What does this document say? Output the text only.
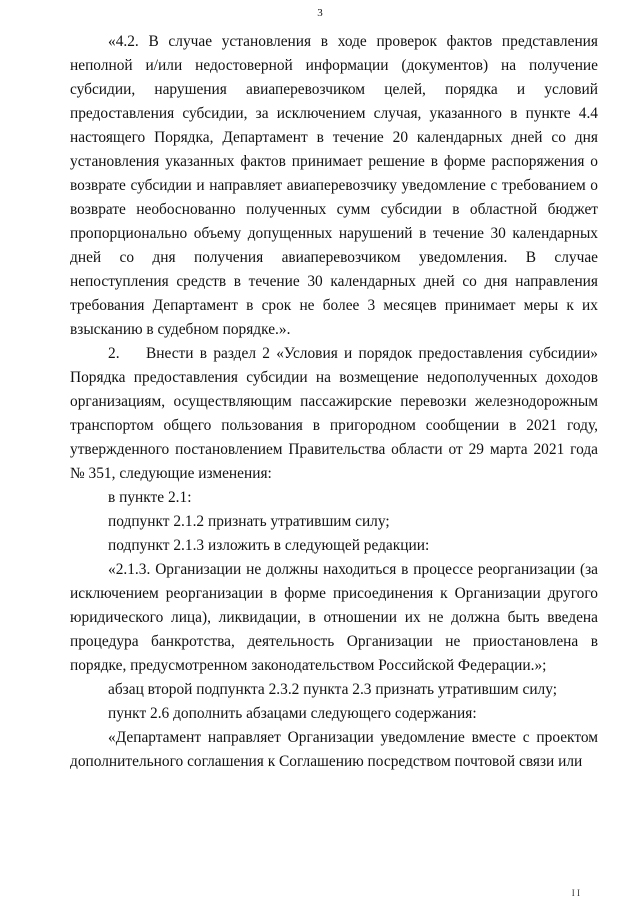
3

«4.2. В случае установления в ходе проверок фактов представления неполной и/или недостоверной информации (документов) на получение субсидии, нарушения авиаперевозчиком целей, порядка и условий предоставления субсидии, за исключением случая, указанного в пункте 4.4 настоящего Порядка, Департамент в течение 20 календарных дней со дня установления указанных фактов принимает решение в форме распоряжения о возврате субсидии и направляет авиаперевозчику уведомление с требованием о возврате необоснованно полученных сумм субсидии в областной бюджет пропорционально объему допущенных нарушений в течение 30 календарных дней со дня получения авиаперевозчиком уведомления. В случае непоступления средств в течение 30 календарных дней со дня направления требования Департамент в срок не более 3 месяцев принимает меры к их взысканию в судебном порядке.».

2. Внести в раздел 2 «Условия и порядок предоставления субсидии» Порядка предоставления субсидии на возмещение недополученных доходов организациям, осуществляющим пассажирские перевозки железнодорожным транспортом общего пользования в пригородном сообщении в 2021 году, утвержденного постановлением Правительства области от 29 марта 2021 года № 351, следующие изменения:

в пункте 2.1:

подпункт 2.1.2 признать утратившим силу;

подпункт 2.1.3 изложить в следующей редакции:

«2.1.3. Организации не должны находиться в процессе реорганизации (за исключением реорганизации в форме присоединения к Организации другого юридического лица), ликвидации, в отношении их не должна быть введена процедура банкротства, деятельность Организации не приостановлена в порядке, предусмотренном законодательством Российской Федерации.»;

абзац второй подпункта 2.3.2 пункта 2.3 признать утратившим силу;

пункт 2.6 дополнить абзацами следующего содержания:

«Департамент направляет Организации уведомление вместе с проектом дополнительного соглашения к Соглашению посредством почтовой связи или

I I
